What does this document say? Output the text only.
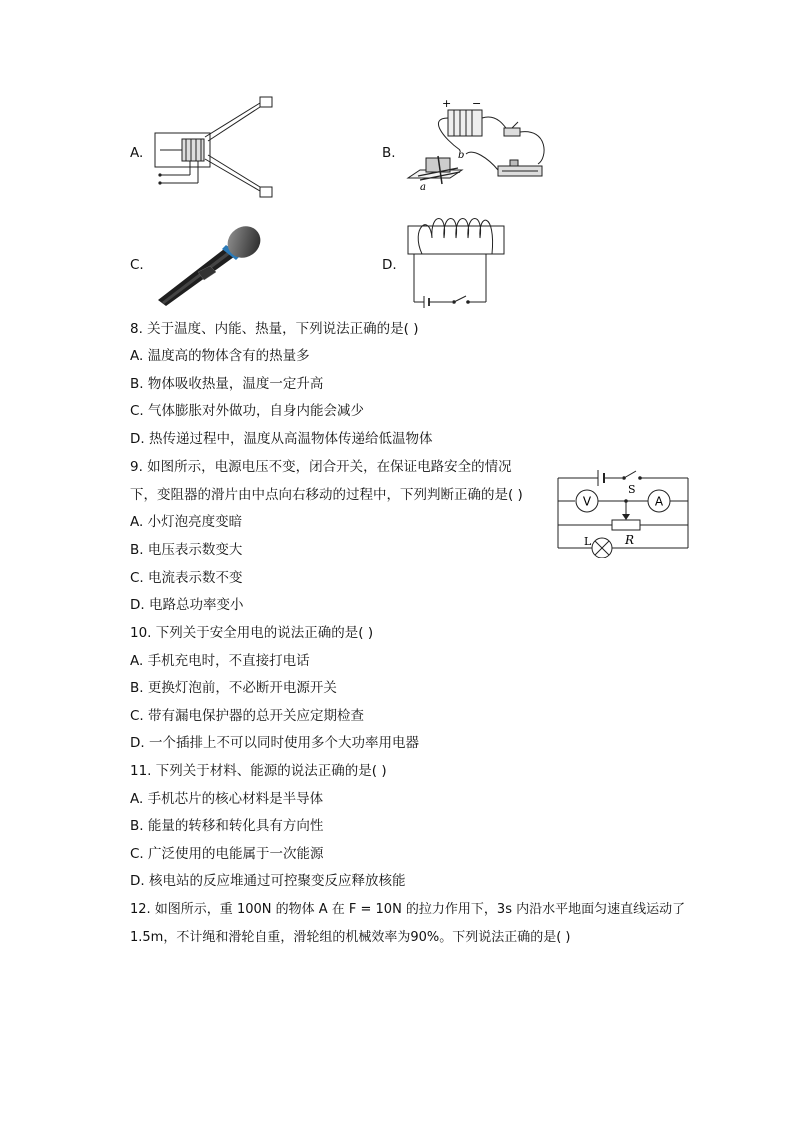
A.	B.
+ −
a
b
C.	D.
8. 关于温度、内能、热量，下列说法正确的是( )
A. 温度高的物体含有的热量多
B. 物体吸收热量，温度一定升高
C. 气体膨胀对外做功，自身内能会减少
D. 热传递过程中，温度从高温物体传递给低温物体
9. 如图所示，电源电压不变，闭合开关，在保证电路安全的情况
下，变阻器的滑片由中点向右移动的过程中，下列判断正确的是( )
A. 小灯泡亮度变暗
B. 电压表示数变大
C. 电流表示数不变
D. 电路总功率变小
S
V	A
R
L
10. 下列关于安全用电的说法正确的是( )
A. 手机充电时，不直接打电话
B. 更换灯泡前，不必断开电源开关
C. 带有漏电保护器的总开关应定期检查
D. 一个插排上不可以同时使用多个大功率用电器
11. 下列关于材料、能源的说法正确的是( )
A. 手机芯片的核心材料是半导体
B. 能量的转移和转化具有方向性
C. 广泛使用的电能属于一次能源
D. 核电站的反应堆通过可控聚变反应释放核能
12. 如图所示，重 100N 的物体 A 在 F = 10N 的拉力作用下，3s 内沿水平地面匀速直线运动了
1.5m，不计绳和滑轮自重，滑轮组的机械效率为90%。下列说法正确的是( )
